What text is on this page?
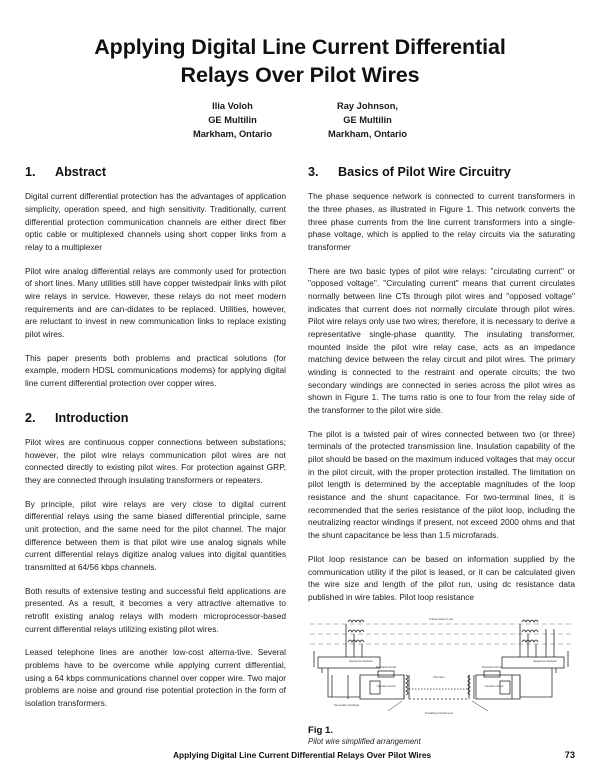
Applying Digital Line Current Differential Relays Over Pilot Wires
Ilia Voloh
GE Multilin
Markham, Ontario
Ray Johnson,
GE Multilin
Markham, Ontario
1.	Abstract

Digital current differential protection has the advantages of application simplicity, operation speed, and high sensitivity. Traditionally, current differential protection communication channels are either direct fiber optic cable or multiplexed channels using short copper links from a relay to a multiplexer

Pilot wire analog differential relays are commonly used for protection of short lines. Many utilities still have copper twistedpair links with pilot wire relays in service. However, these relays do not meet modern requirements and are can-didates to be replaced. Utilities, however, are reluctant to invest in new communication links to replace existing pilot wires.

This paper presents both problems and practical solutions (for example, modern HDSL communications modems) for applying digital line current differential protection over copper wires.

2.	Introduction

Pilot wires are continuous copper connections between substations; however, the pilot wire relays communication pilot wires are not connected directly to existing pilot wires. For protection against GRP, they are connected through insulating transformers or repeaters.

By principle, pilot wire relays are very close to digital current differential relays using the same biased differential principle, same unit protection, and the same need for the pilot channel. The major difference between them is that pilot wire use analog signals while current differential relays digitize analog values into digital quantities transmitted at 64/56 kbps channels.

Both results of extensive testing and successful field applications are presented. As a result, it becomes a very attractive alternative to retrofit existing analog relays with modern microprocessor-based current differential relays utilizing existing pilot wires.

Leased telephone lines are another low-cost alterna-tive. Several problems have to be overcome while applying current differential, using a 64 kbps communications channel over copper wire. Two major problems are noise and ground rise potential protection in the form of isolation transformers.

3.	Basics of Pilot Wire Circuitry

The phase sequence network is connected to current transformers in the three phases, as illustrated in Figure 1. This network converts the three phase currents from the line current transformers into a single-phase voltage, which is applied to the relay circuits via the saturating transformer

There are two basic types of pilot wire relays: "circulating current" or "opposed voltage". "Circulating current" means that current circulates normally between line CTs through pilot wires and "opposed voltage" indicates that current does not normally circulate through pilot wires. Pilot wire relays only use two wires; therefore, it is necessary to derive a representative single-phase quantity. The insulating transformer, mounted inside the pilot wire relay case, acts as an impedance matching device between the relay circuit and pilot wires. The primary winding is connected to the restraint and operate circuits; the two secondary windings are connected in series across the pilot wires as shown in Figure 1. The turns ratio is one to four from the relay side of the transformer to the pilot wire side.

The pilot is a twisted pair of wires connected between two (or three) terminals of the protected transmission line. Insulation capability of the pilot should be based on the maximum induced voltages that may occur in the pilot circuit, with the proper protection installed. The limitation on pilot length is determined by the acceptable magnitudes of the loop resistance and the shunt capacitance. For two-terminal lines, it is recommended that the series resistance of the pilot loop, including the neutralizing reactor windings if present, not exceed 2000 ohms and that the shunt capacitance be less than 1.5 microfarads.

Pilot loop resistance can be based on information supplied by the communication utility if the pilot is leased, or it can be calculated given the wire size and length of the pilot run, using dc resistance data published in wire tables. Pilot loop resistance

Transmission Line
Sequence Network	Sequence Network
Restraint Circuit	Restraint Circuit
Operate Circuit	Operate Circuit
Secondary windings
Pilot wire
Insulating transformers
Fig 1.
Pilot wire simplified arrangement
Applying Digital Line Current Differential Relays Over Pilot Wires	73
